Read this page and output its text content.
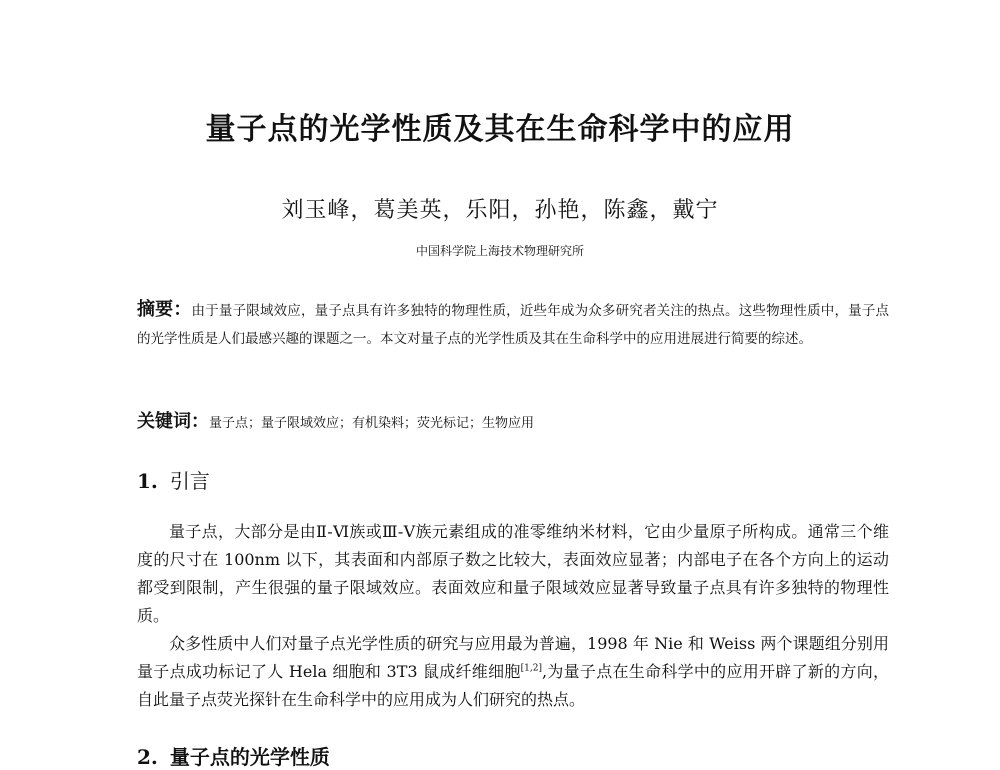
量子点的光学性质及其在生命科学中的应用
刘玉峰，葛美英，乐阳，孙艳，陈鑫，戴宁
中国科学院上海技术物理研究所
摘要：由于量子限域效应，量子点具有许多独特的物理性质，近些年成为众多研究者关注的热点。这些物理性质中，量子点的光学性质是人们最感兴趣的课题之一。本文对量子点的光学性质及其在生命科学中的应用进展进行简要的综述。
关键词：量子点；量子限域效应；有机染料；荧光标记；生物应用
1. 引言

量子点，大部分是由Ⅱ-Ⅵ族或Ⅲ-Ⅴ族元素组成的准零维纳米材料，它由少量原子所构成。通常三个维度的尺寸在 100nm 以下，其表面和内部原子数之比较大，表面效应显著；内部电子在各个方向上的运动都受到限制，产生很强的量子限域效应。表面效应和量子限域效应显著导致量子点具有许多独特的物理性质。

众多性质中人们对量子点光学性质的研究与应用最为普遍，1998 年 Nie 和 Weiss 两个课题组分别用量子点成功标记了人 Hela 细胞和 3T3 鼠成纤维细胞[1,2],为量子点在生命科学中的应用开辟了新的方向，自此量子点荧光探针在生命科学中的应用成为人们研究的热点。

2. 量子点的光学性质
